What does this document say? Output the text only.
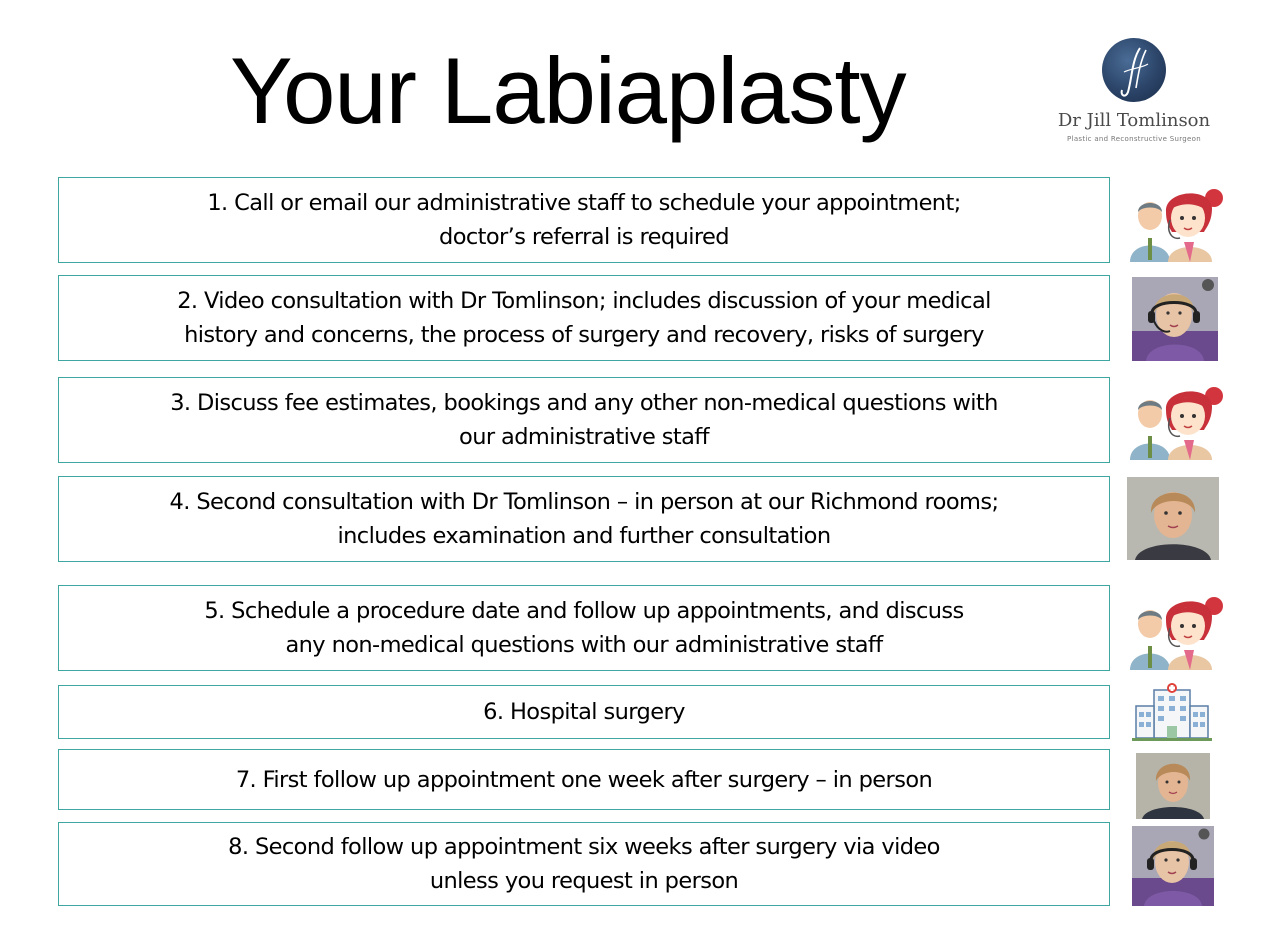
Your Labiaplasty	Dr Jill Tomlinson
Plastic and Reconstructive Surgeon
1. Call or email our administrative staff to schedule your appointment;
doctor’s referral is required
2. Video consultation with Dr Tomlinson; includes discussion of your medical
history and concerns, the process of surgery and recovery, risks of surgery
3. Discuss fee estimates, bookings and any other non-medical questions with
our administrative staff
4. Second consultation with Dr Tomlinson – in person at our Richmond rooms;
includes examination and further consultation
5. Schedule a procedure date and follow up appointments, and discuss
any non-medical questions with our administrative staff
6. Hospital surgery
7. First follow up appointment one week after surgery – in person
8. Second follow up appointment six weeks after surgery via video
unless you request in person
